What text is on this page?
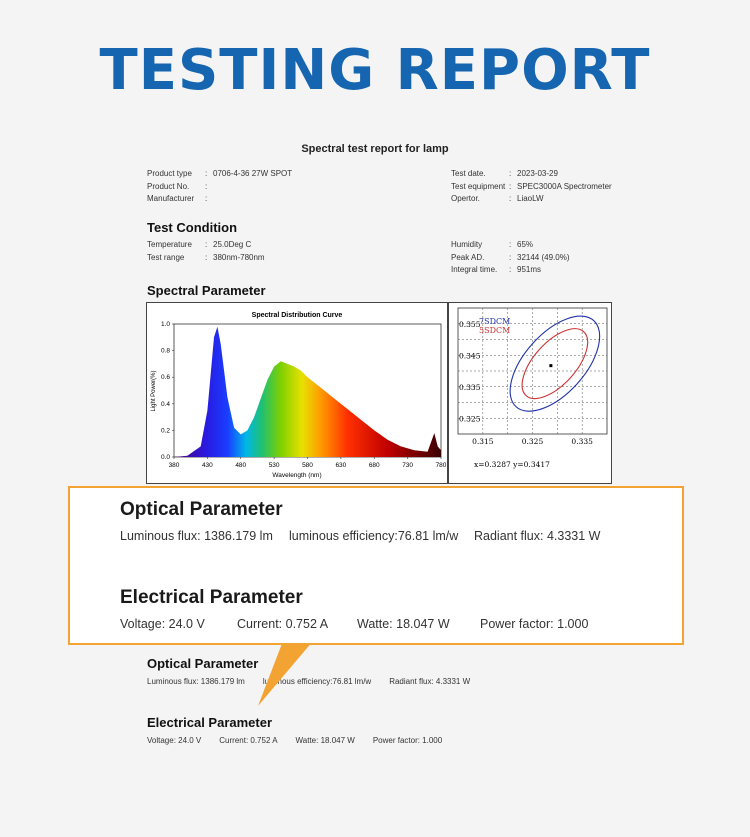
TESTING REPORT
Spectral test report for lamp
Product type : 0706-4-36 27W SPOT
Product No. :
Manufacturer :
Test date.	: 2023-03-29
Test equipment : SPEC3000A Spectrometer
Opertor.	: LiaoLW
Test Condition
Temperature : 25.0Deg C
Test range	: 380nm-780nm
Humidity	: 65%
Peak AD.	: 32144 (49.0%)
Integral time. : 951ms
Spectral Parameter
Spectral Distribution Curve
380	430	480	530	580	630	680	730	780
0.0
0.2
0.4
0.6
0.8
1.0
Wavelength (nm)
Light Power(%)
7SDCM
5SDCM
0.315	0.325	0.335
0.325
0.335
0.345
0.355
x=0.3287 y=0.3417
Optical Parameter
Luminous flux: 1386.179 lm luminous efficiency:76.81 lm/w Radiant flux: 4.3331 W
Electrical Parameter
Voltage: 24.0 V Current: 0.752 A Watte: 18.047 W Power factor: 1.000
Optical Parameter
Luminous flux: 1386.179 lm luminous efficiency:76.81 lm/w Radiant flux: 4.3331 W
Electrical Parameter
Voltage: 24.0 V	Current: 0.752 A Watte: 18.047 W Power factor: 1.000
